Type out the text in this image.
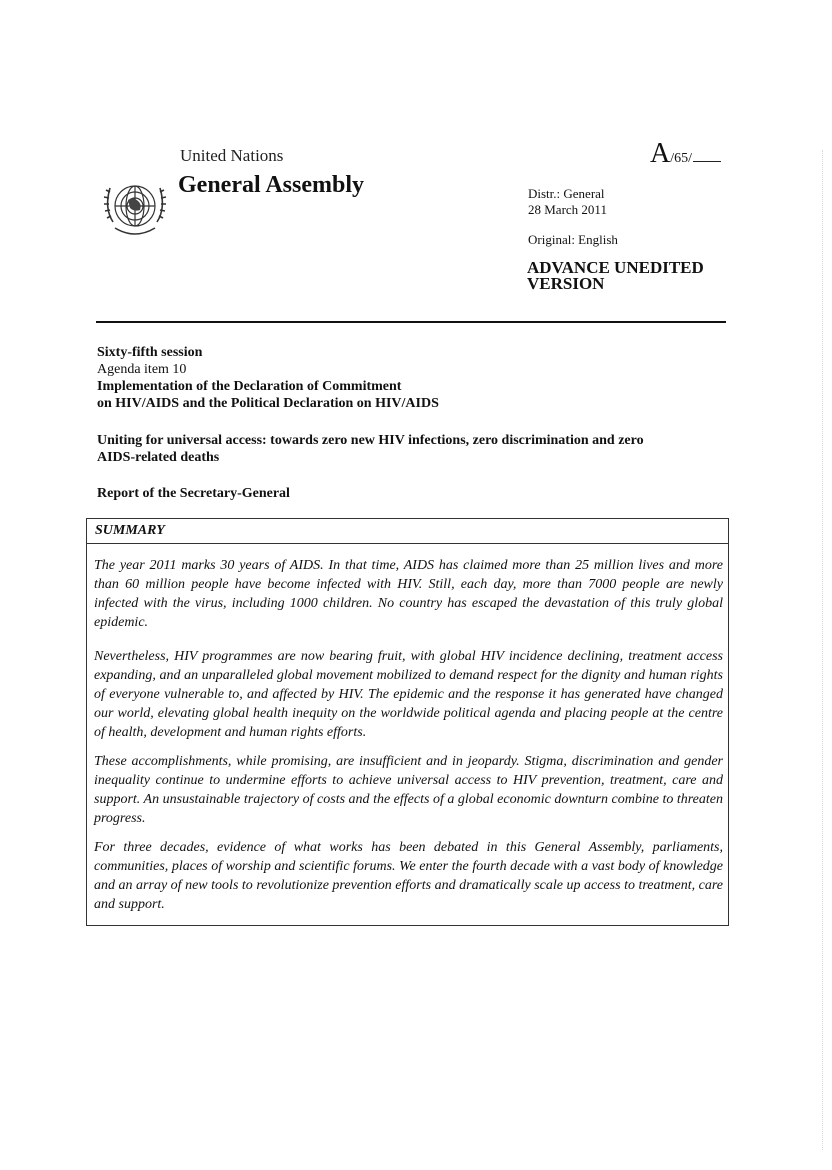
United Nations	A/65/
General Assembly	Distr.: General
28 March 2011
Original: English
ADVANCE UNEDITED
VERSION
Sixty-fifth session
Agenda item 10
Implementation of the Declaration of Commitment
on HIV/AIDS and the Political Declaration on HIV/AIDS
Uniting for universal access: towards zero new HIV infections, zero discrimination and zero
AIDS-related deaths
Report of the Secretary-General
SUMMARY
The year 2011 marks 30 years of AIDS. In that time, AIDS has claimed more than 25 million lives and more than 60 million people have become infected with HIV. Still, each day, more than 7000 people are newly infected with the virus, including 1000 children. No country has escaped the devastation of this truly global epidemic.
Nevertheless, HIV programmes are now bearing fruit, with global HIV incidence declining, treatment access expanding, and an unparalleled global movement mobilized to demand respect for the dignity and human rights of everyone vulnerable to, and affected by HIV. The epidemic and the response it has generated have changed our world, elevating global health inequity on the worldwide political agenda and placing people at the centre of health, development and human rights efforts.
These accomplishments, while promising, are insufficient and in jeopardy. Stigma, discrimination and gender inequality continue to undermine efforts to achieve universal access to HIV prevention, treatment, care and support. An unsustainable trajectory of costs and the effects of a global economic downturn combine to threaten progress.
For three decades, evidence of what works has been debated in this General Assembly, parliaments, communities, places of worship and scientific forums. We enter the fourth decade with a vast body of knowledge and an array of new tools to revolutionize prevention efforts and dramatically scale up access to treatment, care and support.
